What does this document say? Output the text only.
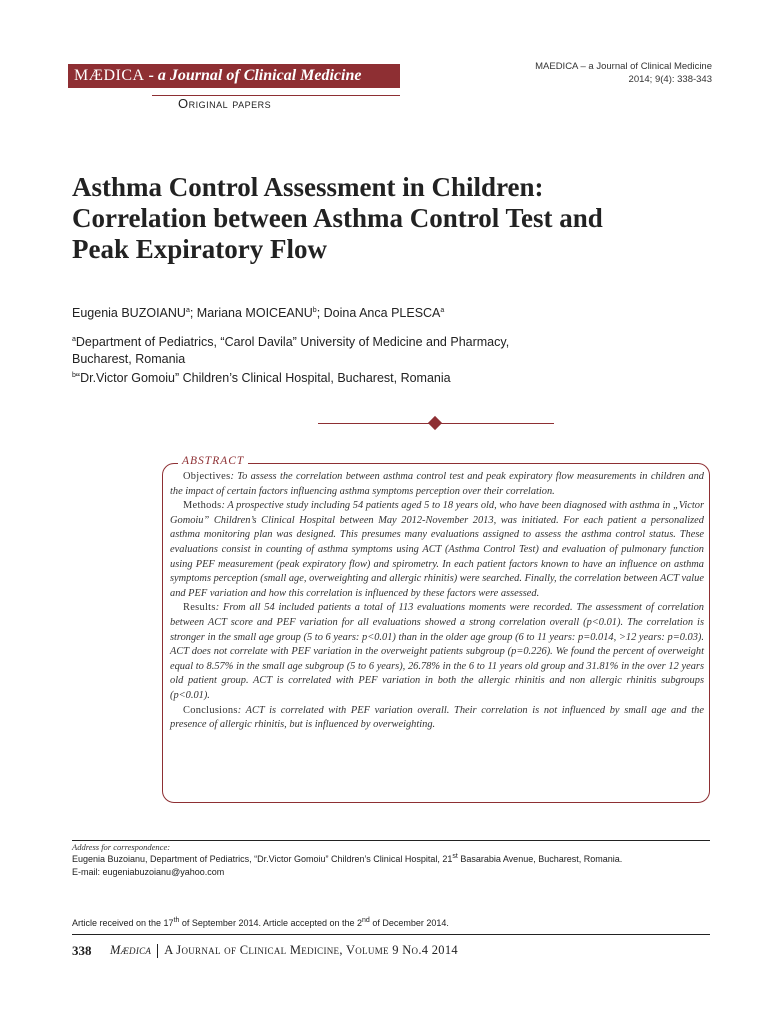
MÆDICA - a Journal of Clinical Medicine
Original papers
MAEDICA – a Journal of Clinical Medicine
2014; 9(4): 338-343
Asthma Control Assessment in Children: Correlation between Asthma Control Test and Peak Expiratory Flow
Eugenia BUZOIANU$^a$; Mariana MOICEANU$^b$; Doina Anca PLESCA$^a$
$^a$Department of Pediatrics, “Carol Davila” University of Medicine and Pharmacy,
Bucharest, Romania
$^b$“Dr.Victor Gomoiu” Children’s Clinical Hospital, Bucharest, Romania
ABSTRACT

Objectives: To assess the correlation between asthma control test and peak expiratory flow measurements in children and the impact of certain factors influencing asthma symptoms perception over their correlation.

Methods: A prospective study including 54 patients aged 5 to 18 years old, who have been diagnosed with asthma in „Victor Gomoiu” Children’s Clinical Hospital between May 2012-November 2013, was initiated. For each patient a personalized asthma monitoring plan was designed. This presumes many evaluations assigned to assess the asthma control status. These evaluations consist in counting of asthma symptoms using ACT (Asthma Control Test) and evaluation of pulmonary function using PEF measurement (peak expiratory flow) and spirometry. In each patient factors known to have an influence on asthma symptoms perception (small age, overweighting and allergic rhinitis) were searched. Finally, the correlation between ACT value and PEF variation and how this correlation is influenced by these factors were assessed.

Results: From all 54 included patients a total of 113 evaluations moments were recorded. The assessment of correlation between ACT score and PEF variation for all evaluations showed a strong correlation overall (p<0.01). The correlation is stronger in the small age group (5 to 6 years: p<0.01) than in the older age group (6 to 11 years: p=0.014, >12 years: p=0.03). ACT does not correlate with PEF variation in the overweight patients subgroup (p=0.226). We found the percent of overweight equal to 8.57% in the small age subgroup (5 to 6 years), 26.78% in the 6 to 11 years old group and 31.81% in the over 12 years old patient group. ACT is correlated with PEF variation in both the allergic rhinitis and non allergic rhinitis subgroups (p<0.01).

Conclusions: ACT is correlated with PEF variation overall. Their correlation is not influenced by small age and the presence of allergic rhinitis, but is influenced by overweighting.

Address for correspondence:
Eugenia Buzoianu, Department of Pediatrics, “Dr.Victor Gomoiu” Children’s Clinical Hospital, 21st Basarabia Avenue, Bucharest, Romania.
E-mail: eugeniabuzoianu@yahoo.com
Article received on the 17th of September 2014. Article accepted on the 2nd of December 2014.
338 Mædica A Journal of Clinical Medicine, Volume 9 No.4 2014
